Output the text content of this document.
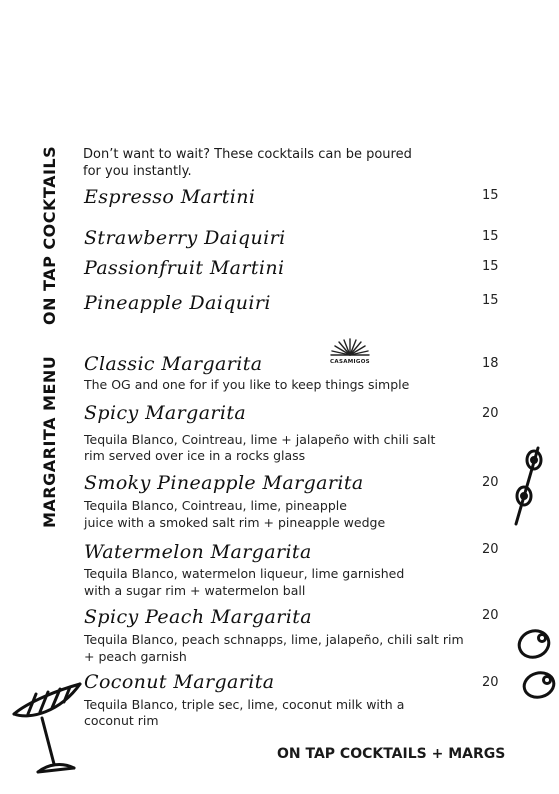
ON TAP COCKTAILS
MARGARITA MENU
Don’t want to wait? These cocktails can be poured for you instantly.
Espresso Martini	15
Strawberry Daiquiri	15
Passionfruit Martini	15
Pineapple Daiquiri	15
CASAMIGOS
Classic Margarita	18
The OG and one for if you like to keep things simple
Spicy Margarita	20
Tequila Blanco, Cointreau, lime + jalapeño with chili salt
rim served over ice in a rocks glass
Smoky Pineapple Margarita	20
Tequila Blanco, Cointreau, lime, pineapple
juice with a smoked salt rim + pineapple wedge
Watermelon Margarita	20
Tequila Blanco, watermelon liqueur, lime garnished
with a sugar rim + watermelon ball
Spicy Peach Margarita	20
Tequila Blanco, peach schnapps, lime, jalapeño, chili salt rim
+ peach garnish
Coconut Margarita	20
Tequila Blanco, triple sec, lime, coconut milk with a
coconut rim
ON TAP COCKTAILS + MARGS
